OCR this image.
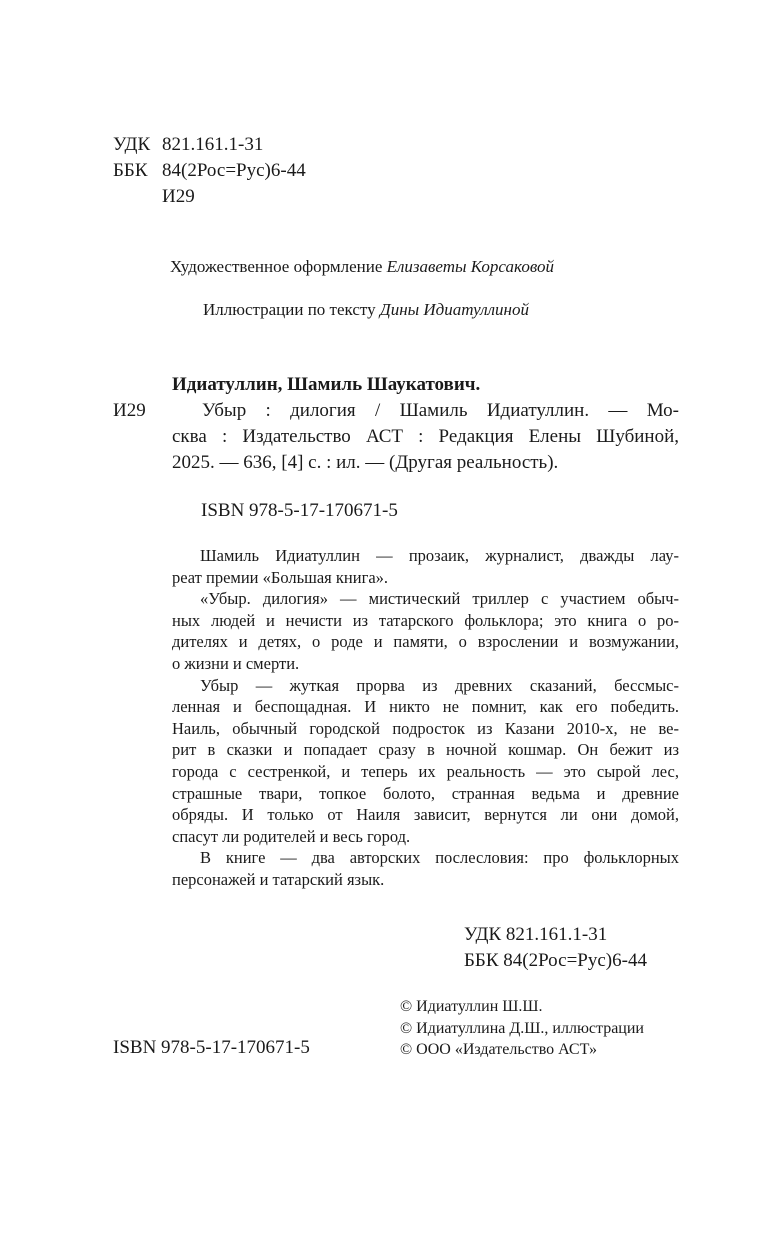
УДК 821.161.1-31
ББК 84(2Рос=Рус)6-44
И29
Художественное оформление Елизаветы Корсаковой
Иллюстрации по тексту Дины Идиатуллиной
Идиатуллин, Шамиль Шаукатович.
И29	Убыр : дилогия / Шамиль Идиатуллин. — Мо-
сква : Издательство АСТ : Редакция Елены Шубиной,
2025. — 636, [4] с. : ил. — (Другая реальность).
ISBN 978-5-17-170671-5
Шамиль Идиатуллин — прозаик, журналист, дважды лау-
реат премии «Большая книга».
«Убыр. дилогия» — мистический триллер с участием обыч-
ных людей и нечисти из татарского фольклора; это книга о ро-
дителях и детях, о роде и памяти, о взрослении и возмужании,
о жизни и смерти.
Убыр — жуткая прорва из древних сказаний, бессмыс-
ленная и беспощадная. И никто не помнит, как его победить.
Наиль, обычный городской подросток из Казани 2010-х, не ве-
рит в сказки и попадает сразу в ночной кошмар. Он бежит из
города с сестренкой, и теперь их реальность — это сырой лес,
страшные твари, топкое болото, странная ведьма и древние
обряды. И только от Наиля зависит, вернутся ли они домой,
спасут ли родителей и весь город.
В книге — два авторских послесловия: про фольклорных
персонажей и татарский язык.
УДК 821.161.1-31
ББК 84(2Рос=Рус)6-44
© Идиатуллин Ш.Ш.
© Идиатуллина Д.Ш., иллюстрации
© ООО «Издательство АСТ»
ISBN 978-5-17-170671-5
